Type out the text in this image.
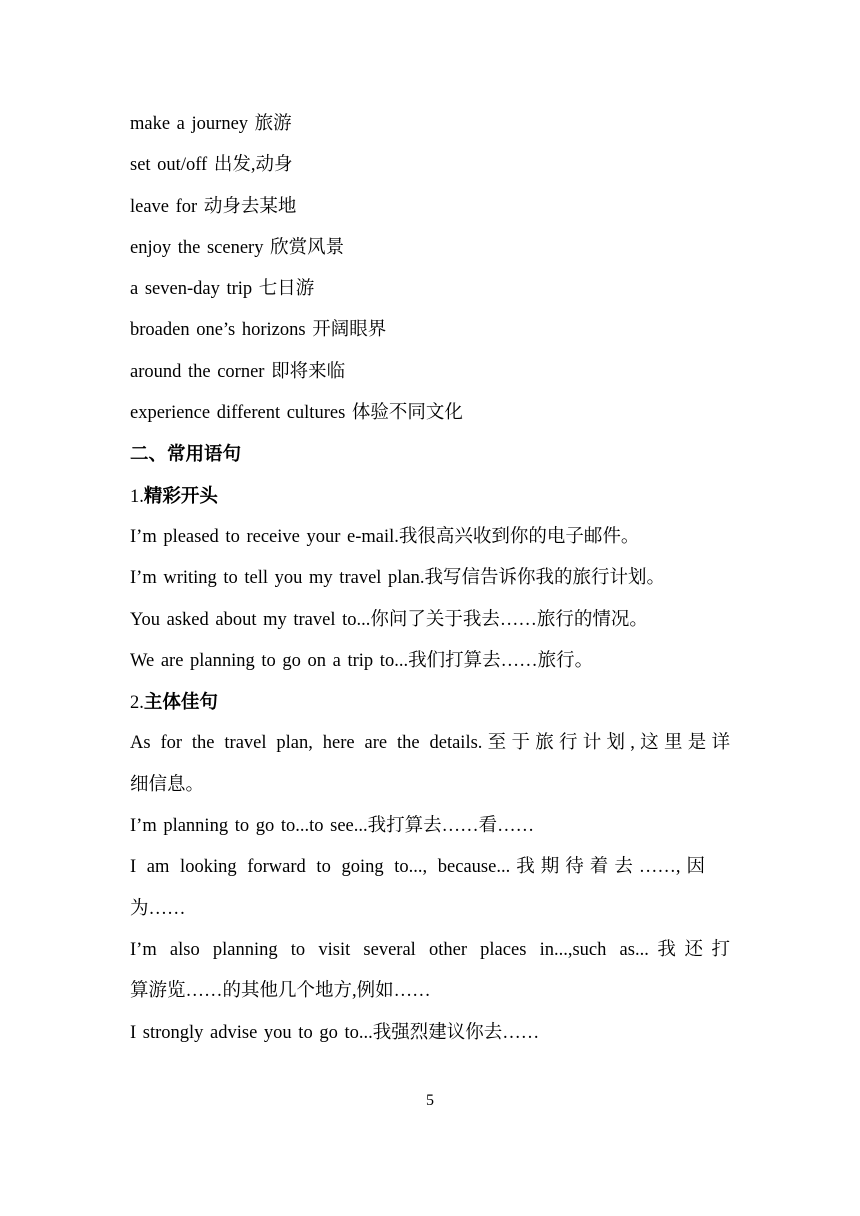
make a journey 旅游
set out/off 出发,动身
leave for 动身去某地
enjoy the scenery 欣赏风景
a seven-day trip 七日游
broaden one’s horizons 开阔眼界
around the corner 即将来临
experience different cultures 体验不同文化
二、常用语句
1.精彩开头
I’m pleased to receive your e-mail.我很高兴收到你的电子邮件。
I’m writing to tell you my travel plan.我写信告诉你我的旅行计划。
You asked about my travel to...你问了关于我去……旅行的情况。
We are planning to go on a trip to...我们打算去……旅行。
2.主体佳句
As for the travel plan, here are the details.至于旅行计划,这里是详
细信息。
I’m planning to go to...to see...我打算去……看……
I am looking forward to going to..., because...我期待着去……,因
为……
I’m also planning to visit several other places in...,such as...我还打
算游览……的其他几个地方,例如……
I strongly advise you to go to...我强烈建议你去……
5
